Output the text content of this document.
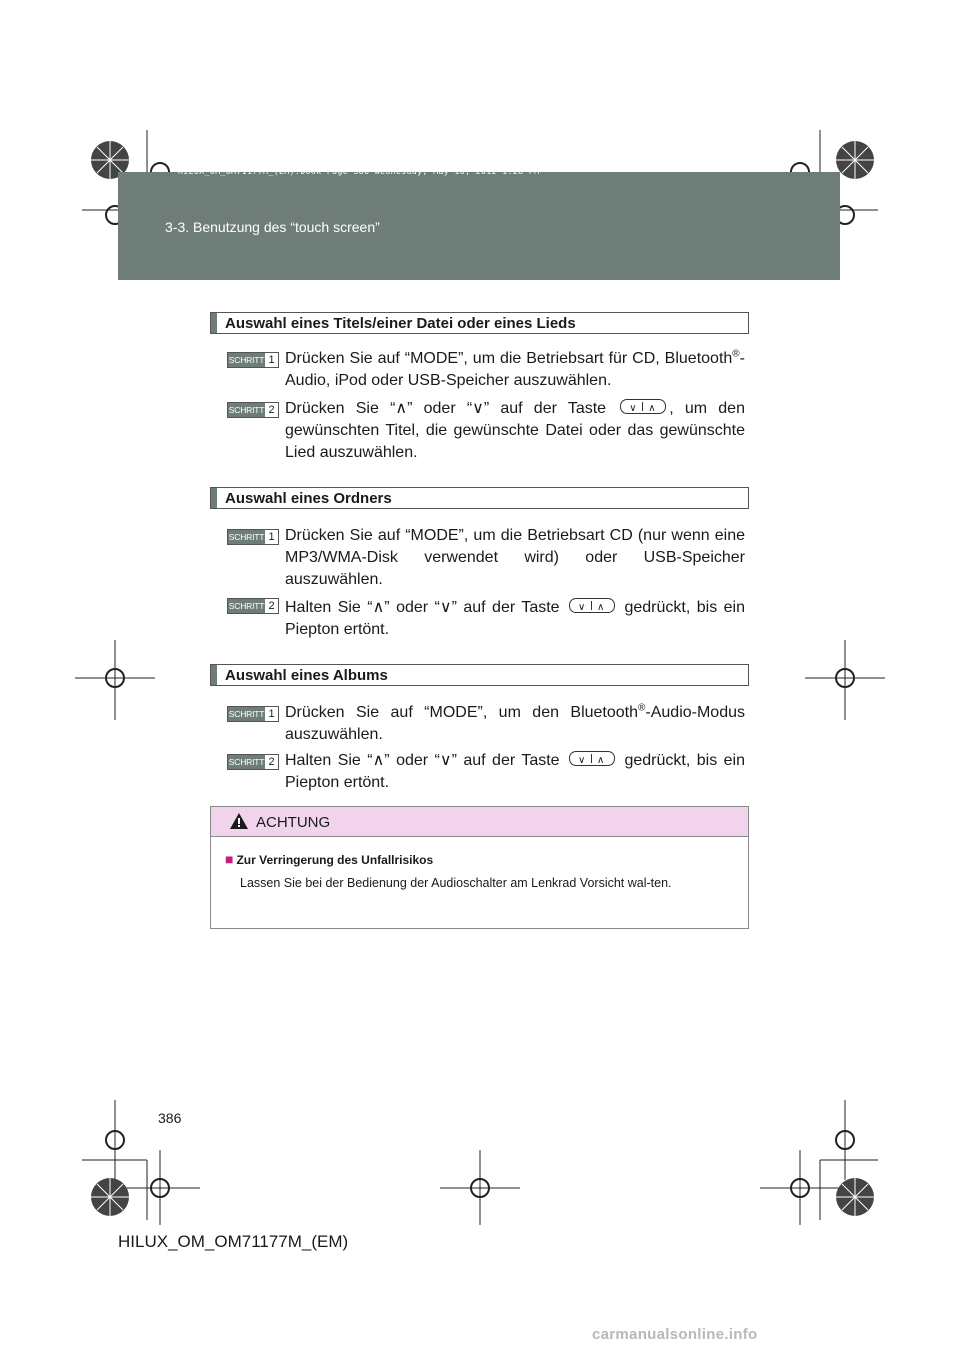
HILUX_OM_OM71177M_(EM).book Page 386 Wednesday, May 16, 2012 1:28 PM
3-3. Benutzung des “touch screen”
Auswahl eines Titels/einer Datei oder eines Lieds
SCHRITT 1 Drücken Sie auf “MODE”, um die Betriebsart für CD, Bluetooth®-Audio, iPod oder USB-Speicher auszuwählen.
SCHRITT 2 Drücken Sie “∧” oder “∨” auf der Taste ∨ ∧ , um den gewünschten Titel, die gewünschte Datei oder das gewünschte Lied auszuwählen.
Auswahl eines Ordners
SCHRITT 1 Drücken Sie auf “MODE”, um die Betriebsart CD (nur wenn eine MP3/WMA-Disk verwendet wird) oder USB-Speicher auszuwählen.
SCHRITT 2 Halten Sie “∧” oder “∨” auf der Taste ∨ ∧ gedrückt, bis ein Piepton ertönt.
Auswahl eines Albums
SCHRITT 1 Drücken Sie auf “MODE”, um den Bluetooth®-Audio-Modus auszuwählen.
SCHRITT 2 Halten Sie “∧” oder “∨” auf der Taste ∨ ∧ gedrückt, bis ein Piepton ertönt.
ACHTUNG
■ Zur Verringerung des Unfallrisikos
Lassen Sie bei der Bedienung der Audioschalter am Lenkrad Vorsicht wal-ten.
386
HILUX_OM_OM71177M_(EM)
carmanualsonline.info
